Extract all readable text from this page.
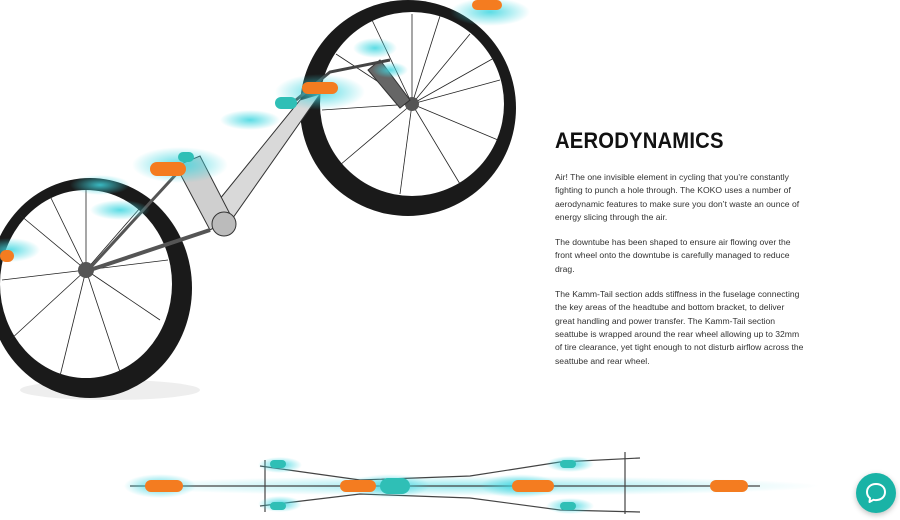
AERODYNAMICS

Air! The one invisible element in cycling that you’re constantly fighting to punch a hole through. The KOKO uses a number of aerodynamic features to make sure you don’t waste an ounce of energy slicing through the air.

The downtube has been shaped to ensure air flowing over the front wheel onto the downtube is carefully managed to reduce drag.

The Kamm-Tail section adds stiffness in the fuselage connecting the key areas of the headtube and bottom bracket, to deliver great handling and power transfer. The Kamm-Tail section seattube is wrapped around the rear wheel allowing up to 32mm of tire clearance, yet tight enough to not disturb airflow across the seattube and rear wheel.
